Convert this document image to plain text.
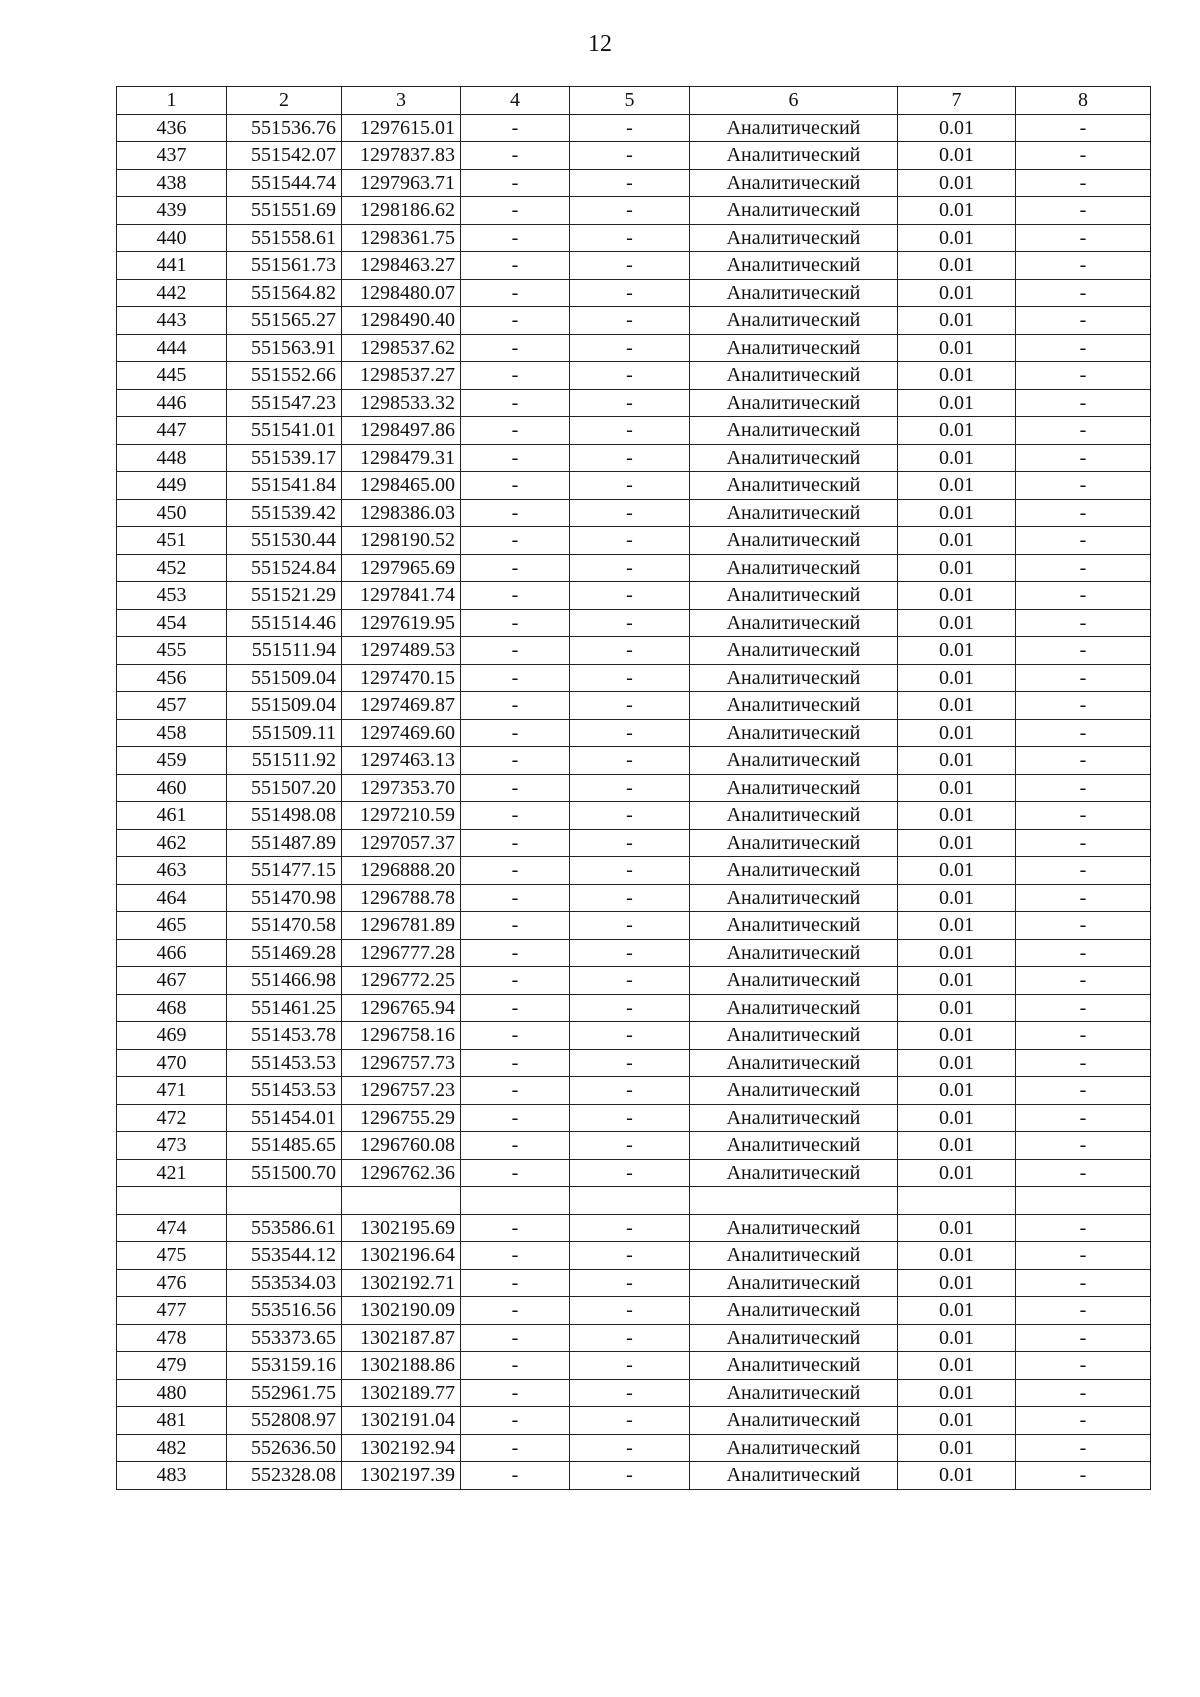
12
1	2	3	4	5	6	7	8
436	551536.76	1297615.01	-	-	Аналитический	0.01	-
437	551542.07	1297837.83	-	-	Аналитический	0.01	-
438	551544.74	1297963.71	-	-	Аналитический	0.01	-
439	551551.69	1298186.62	-	-	Аналитический	0.01	-
440	551558.61	1298361.75	-	-	Аналитический	0.01	-
441	551561.73	1298463.27	-	-	Аналитический	0.01	-
442	551564.82	1298480.07	-	-	Аналитический	0.01	-
443	551565.27	1298490.40	-	-	Аналитический	0.01	-
444	551563.91	1298537.62	-	-	Аналитический	0.01	-
445	551552.66	1298537.27	-	-	Аналитический	0.01	-
446	551547.23	1298533.32	-	-	Аналитический	0.01	-
447	551541.01	1298497.86	-	-	Аналитический	0.01	-
448	551539.17	1298479.31	-	-	Аналитический	0.01	-
449	551541.84	1298465.00	-	-	Аналитический	0.01	-
450	551539.42	1298386.03	-	-	Аналитический	0.01	-
451	551530.44	1298190.52	-	-	Аналитический	0.01	-
452	551524.84	1297965.69	-	-	Аналитический	0.01	-
453	551521.29	1297841.74	-	-	Аналитический	0.01	-
454	551514.46	1297619.95	-	-	Аналитический	0.01	-
455	551511.94	1297489.53	-	-	Аналитический	0.01	-
456	551509.04	1297470.15	-	-	Аналитический	0.01	-
457	551509.04	1297469.87	-	-	Аналитический	0.01	-
458	551509.11	1297469.60	-	-	Аналитический	0.01	-
459	551511.92	1297463.13	-	-	Аналитический	0.01	-
460	551507.20	1297353.70	-	-	Аналитический	0.01	-
461	551498.08	1297210.59	-	-	Аналитический	0.01	-
462	551487.89	1297057.37	-	-	Аналитический	0.01	-
463	551477.15	1296888.20	-	-	Аналитический	0.01	-
464	551470.98	1296788.78	-	-	Аналитический	0.01	-
465	551470.58	1296781.89	-	-	Аналитический	0.01	-
466	551469.28	1296777.28	-	-	Аналитический	0.01	-
467	551466.98	1296772.25	-	-	Аналитический	0.01	-
468	551461.25	1296765.94	-	-	Аналитический	0.01	-
469	551453.78	1296758.16	-	-	Аналитический	0.01	-
470	551453.53	1296757.73	-	-	Аналитический	0.01	-
471	551453.53	1296757.23	-	-	Аналитический	0.01	-
472	551454.01	1296755.29	-	-	Аналитический	0.01	-
473	551485.65	1296760.08	-	-	Аналитический	0.01	-
421	551500.70	1296762.36	-	-	Аналитический	0.01	-

474	553586.61	1302195.69	-	-	Аналитический	0.01	-
475	553544.12	1302196.64	-	-	Аналитический	0.01	-
476	553534.03	1302192.71	-	-	Аналитический	0.01	-
477	553516.56	1302190.09	-	-	Аналитический	0.01	-
478	553373.65	1302187.87	-	-	Аналитический	0.01	-
479	553159.16	1302188.86	-	-	Аналитический	0.01	-
480	552961.75	1302189.77	-	-	Аналитический	0.01	-
481	552808.97	1302191.04	-	-	Аналитический	0.01	-
482	552636.50	1302192.94	-	-	Аналитический	0.01	-
483	552328.08	1302197.39	-	-	Аналитический	0.01	-
